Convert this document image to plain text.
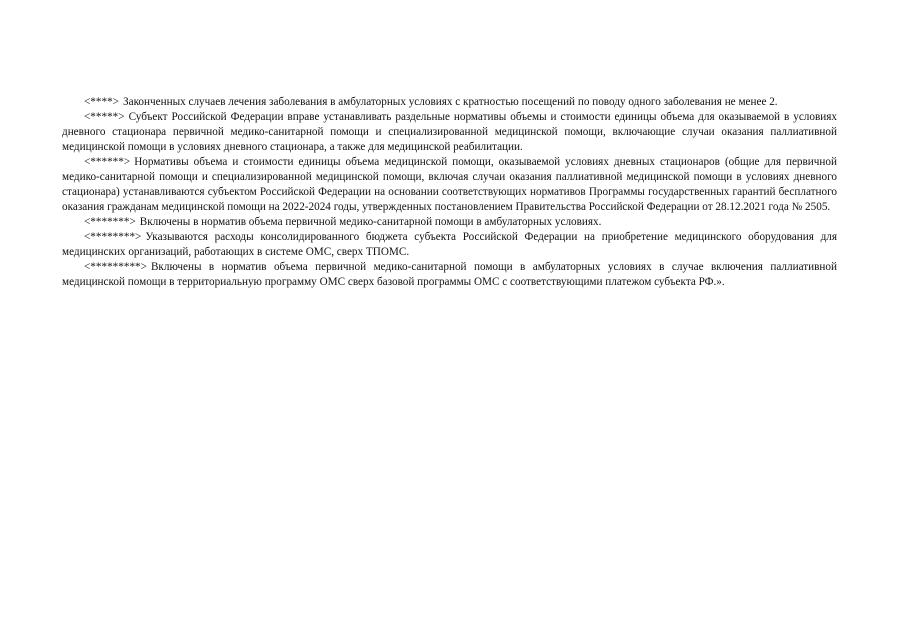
<****> Законченных случаев лечения заболевания в амбулаторных условиях с кратностью посещений по поводу одного заболевания не менее 2.

<*****> Субъект Российской Федерации вправе устанавливать раздельные нормативы объемы и стоимости единицы объема для оказываемой в условиях дневного стационара первичной медико-санитарной помощи и специализированной медицинской помощи, включающие случаи оказания паллиативной медицинской помощи в условиях дневного стационара, а также для медицинской реабилитации.

<******> Нормативы объема и стоимости единицы объема медицинской помощи, оказываемой условиях дневных стационаров (общие для первичной медико-санитарной помощи и специализированной медицинской помощи, включая случаи оказания паллиативной медицинской помощи в условиях дневного стационара) устанавливаются субъектом Российской Федерации на основании соответствующих нормативов Программы государственных гарантий бесплатного оказания гражданам медицинской помощи на 2022-2024 годы, утвержденных постановлением Правительства Российской Федерации от 28.12.2021 года № 2505.

<*******> Включены в норматив объема первичной медико-санитарной помощи в амбулаторных условиях.

<********> Указываются расходы консолидированного бюджета субъекта Российской Федерации на приобретение медицинского оборудования для медицинских организаций, работающих в системе ОМС, сверх ТПОМС.

<*********> Включены в норматив объема первичной медико-санитарной помощи в амбулаторных условиях в случае включения паллиативной медицинской помощи в территориальную программу ОМС сверх базовой программы ОМС с соответствующими платежом субъекта РФ.».
